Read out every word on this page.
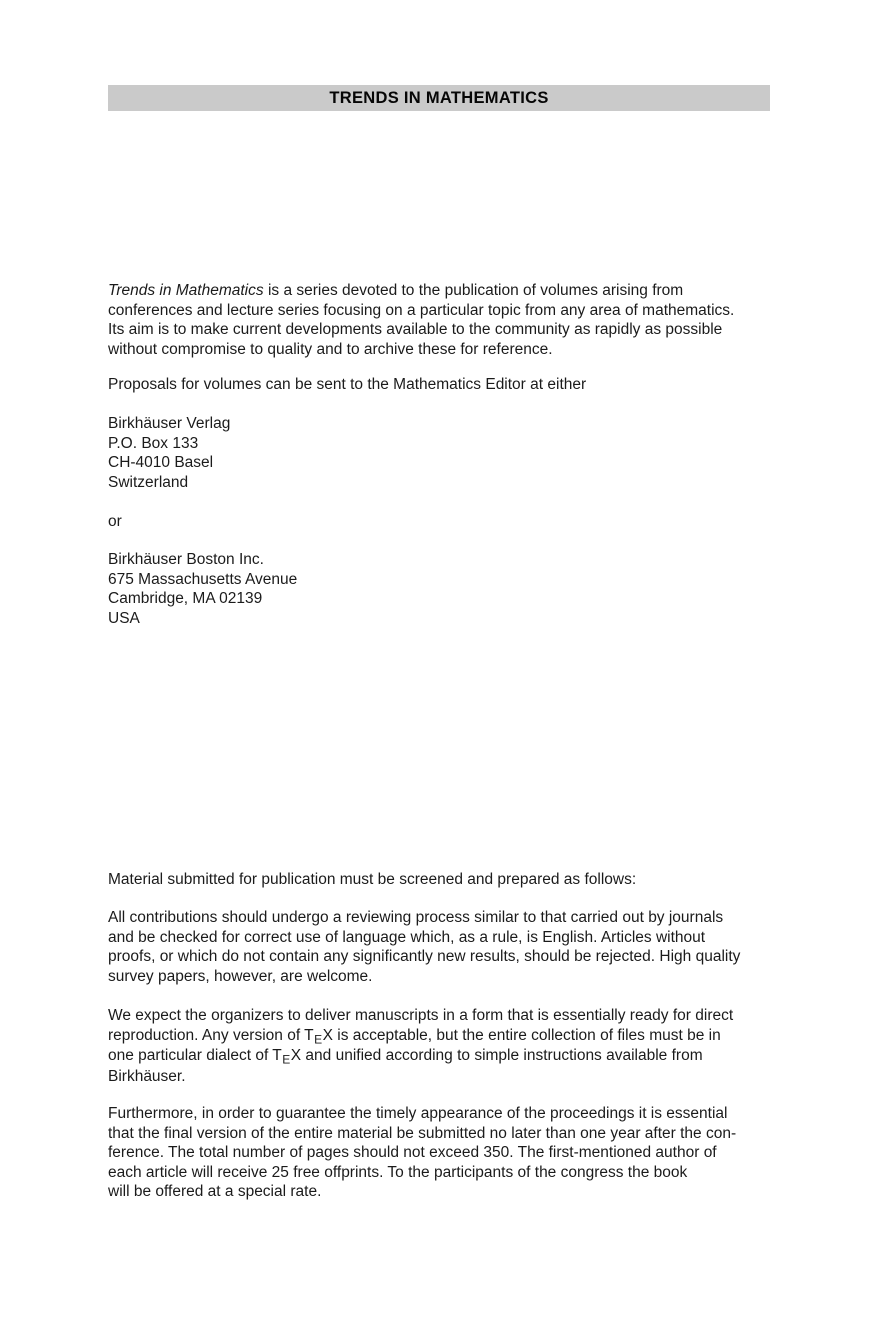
TRENDS IN MATHEMATICS
Trends in Mathematics is a series devoted to the publication of volumes arising from
conferences and lecture series focusing on a particular topic from any area of mathematics.
Its aim is to make current developments available to the community as rapidly as possible
without compromise to quality and to archive these for reference.
Proposals for volumes can be sent to the Mathematics Editor at either
Birkhäuser Verlag
P.O. Box 133
CH-4010 Basel
Switzerland
or
Birkhäuser Boston Inc.
675 Massachusetts Avenue
Cambridge, MA 02139
USA
Material submitted for publication must be screened and prepared as follows:
All contributions should undergo a reviewing process similar to that carried out by journals
and be checked for correct use of language which, as a rule, is English. Articles without
proofs, or which do not contain any significantly new results, should be rejected. High quality
survey papers, however, are welcome.
We expect the organizers to deliver manuscripts in a form that is essentially ready for direct
reproduction. Any version of TEX is acceptable, but the entire collection of files must be in
one particular dialect of TEX and unified according to simple instructions available from
Birkhäuser.
Furthermore, in order to guarantee the timely appearance of the proceedings it is essential
that the final version of the entire material be submitted no later than one year after the con-
ference. The total number of pages should not exceed 350. The first-mentioned author of
each article will receive 25 free offprints. To the participants of the congress the book
will be offered at a special rate.
